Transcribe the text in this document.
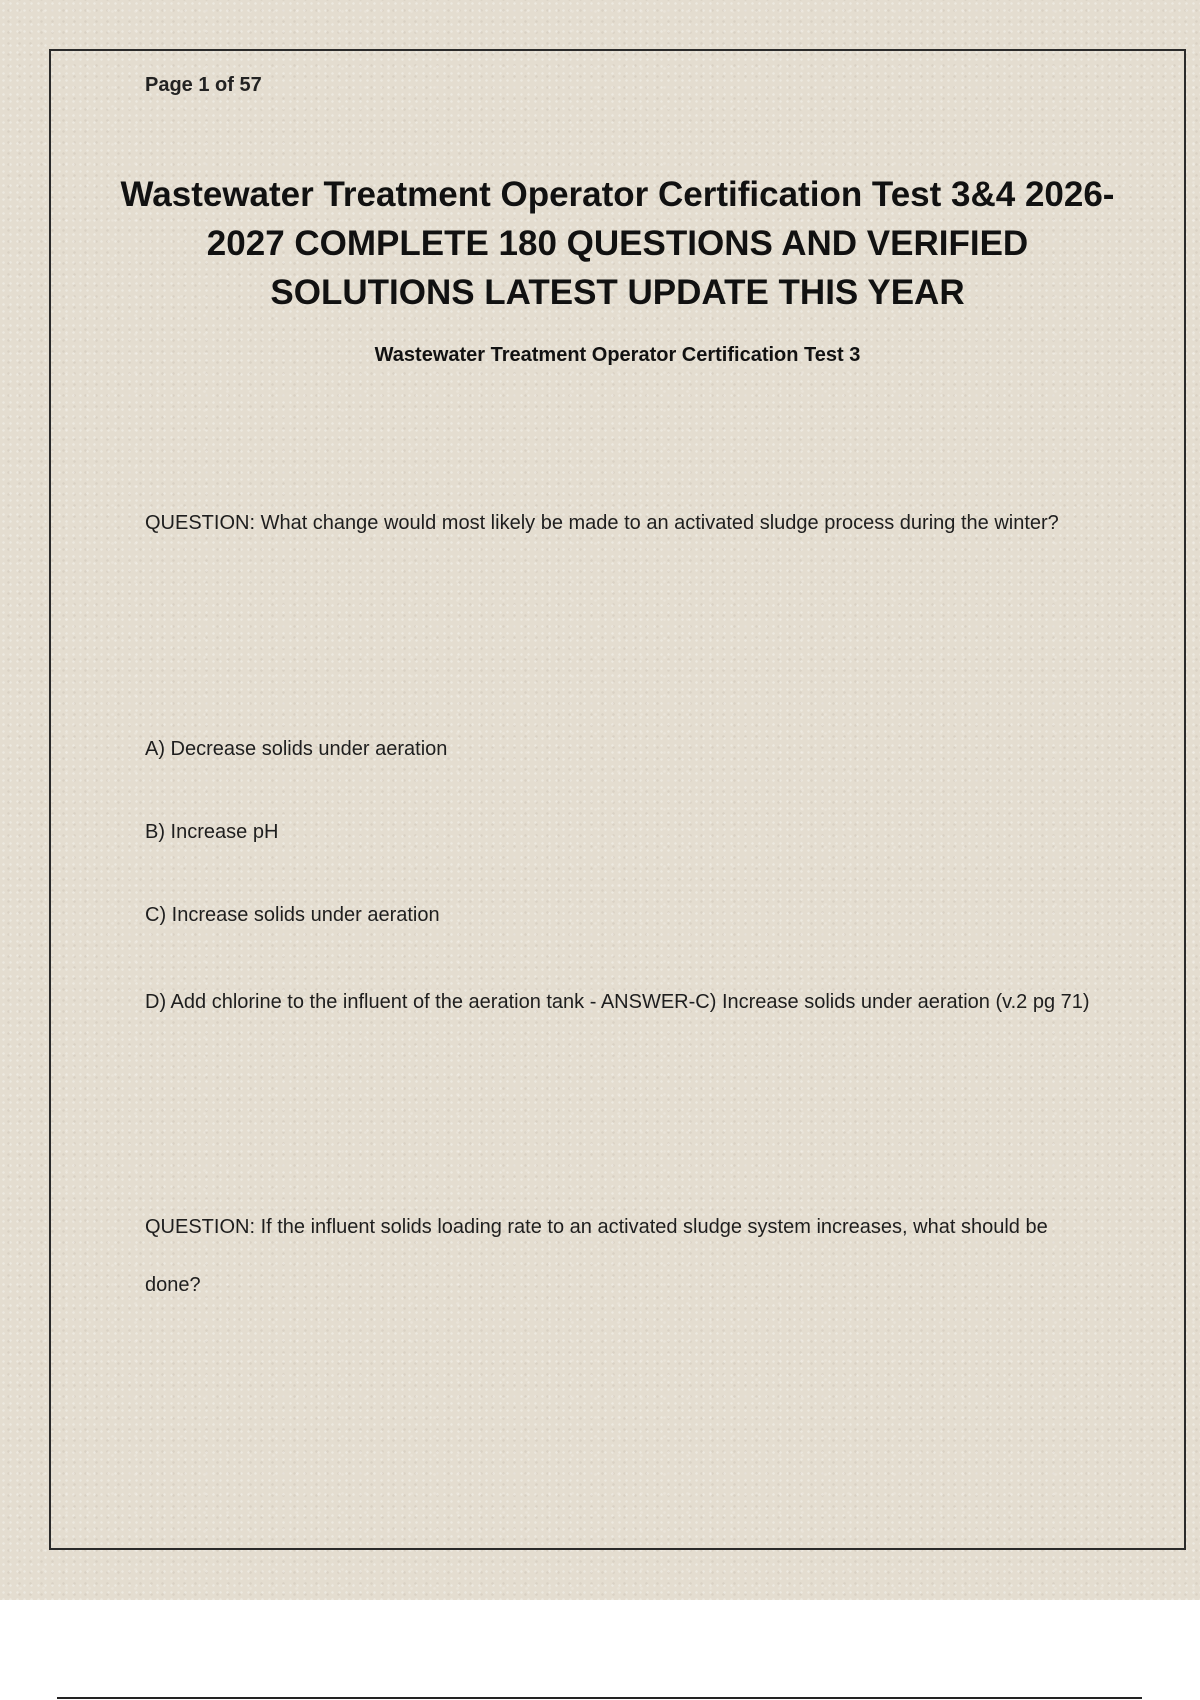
Page 1 of 57
Wastewater Treatment Operator Certification Test 3&4 2026-2027 COMPLETE 180 QUESTIONS AND VERIFIED SOLUTIONS LATEST UPDATE THIS YEAR
Wastewater Treatment Operator Certification Test 3
QUESTION: What change would most likely be made to an activated sludge process during the winter?
A) Decrease solids under aeration
B) Increase pH
C) Increase solids under aeration
D) Add chlorine to the influent of the aeration tank - ANSWER-C) Increase solids under aeration (v.2 pg 71)
QUESTION: If the influent solids loading rate to an activated sludge system increases, what should be done?
